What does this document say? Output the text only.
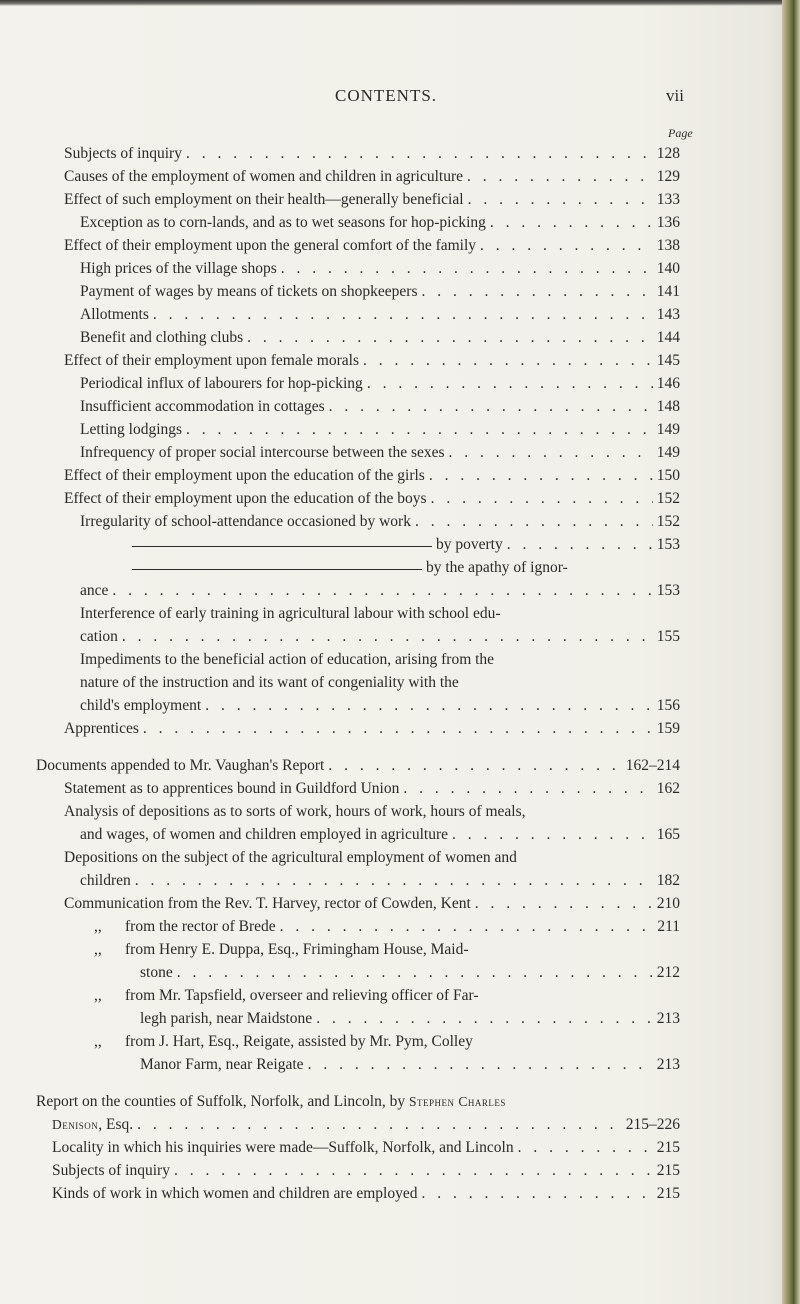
CONTENTS.	vii
Page
Subjects of inquiry . . .	128
Causes of the employment of women and children in agriculture . . .	129
Effect of such employment on their health—generally beneficial . . .	133
Exception as to corn-lands, and as to wet seasons for hop-picking . . .	136
Effect of their employment upon the general comfort of the family . . .	138
High prices of the village shops . . .	140
Payment of wages by means of tickets on shopkeepers . . .	141
Allotments . . .	143
Benefit and clothing clubs . . .	144
Effect of their employment upon female morals . . .	145
Periodical influx of labourers for hop-picking . . .	146
Insufficient accommodation in cottages . . .	148
Letting lodgings . . .	149
Infrequency of proper social intercourse between the sexes . . .	149
Effect of their employment upon the education of the girls . . .	150
Effect of their employment upon the education of the boys . . .	152
Irregularity of school-attendance occasioned by work . . .	152
by poverty . . .	153
by the apathy of ignor-
ance . . .	153
Interference of early training in agricultural labour with school edu-
cation . . .	155
Impediments to the beneficial action of education, arising from the
nature of the instruction and its want of congeniality with the
child's employment . . .	156
Apprentices . . .	159
Documents appended to Mr. Vaughan's Report . . .	162–214
Statement as to apprentices bound in Guildford Union . . .	162
Analysis of depositions as to sorts of work, hours of work, hours of meals,
and wages, of women and children employed in agriculture . . .	165
Depositions on the subject of the agricultural employment of women and
children . . .	182
Communication from the Rev. T. Harvey, rector of Cowden, Kent . . .	210
,, from the rector of Brede . . .	211
,, from Henry E. Duppa, Esq., Frimingham House, Maid-
stone . . .	212
,, from Mr. Tapsfield, overseer and relieving officer of Far-
legh parish, near Maidstone . . .	213
,, from J. Hart, Esq., Reigate, assisted by Mr. Pym, Colley
Manor Farm, near Reigate . . .	213
Report on the counties of Suffolk, Norfolk, and Lincoln, by Stephen Charles
Denison, Esq. . . .	215–226
Locality in which his inquiries were made—Suffolk, Norfolk, and Lincoln . . .	215
Subjects of inquiry . . .	215
Kinds of work in which women and children are employed . . .	215
